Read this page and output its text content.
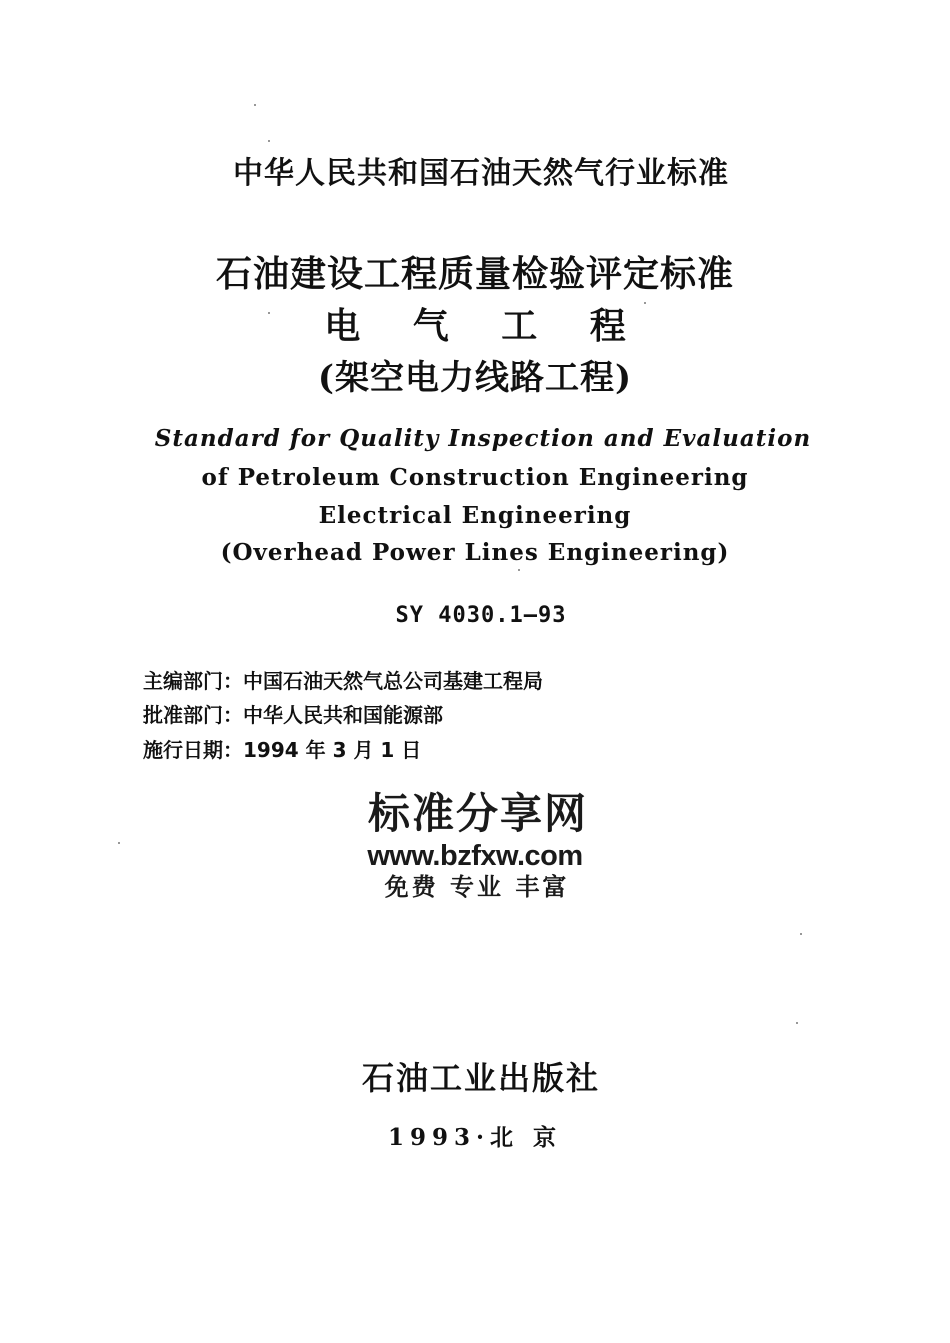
中华人民共和国石油天然气行业标准
石油建设工程质量检验评定标准
电 气 工 程
(架空电力线路工程)
Standard for Quality Inspection and Evaluation
of Petroleum Construction Engineering
Electrical Engineering
(Overhead Power Lines Engineering)
SY 4030.1—93
主编部门：中国石油天然气总公司基建工程局
批准部门：中华人民共和国能源部
施行日期：1994 年 3 月 1 日
标准分享网
www.bzfxw.com
免费 专业 丰富
石油工业出版社
1993·北 京
